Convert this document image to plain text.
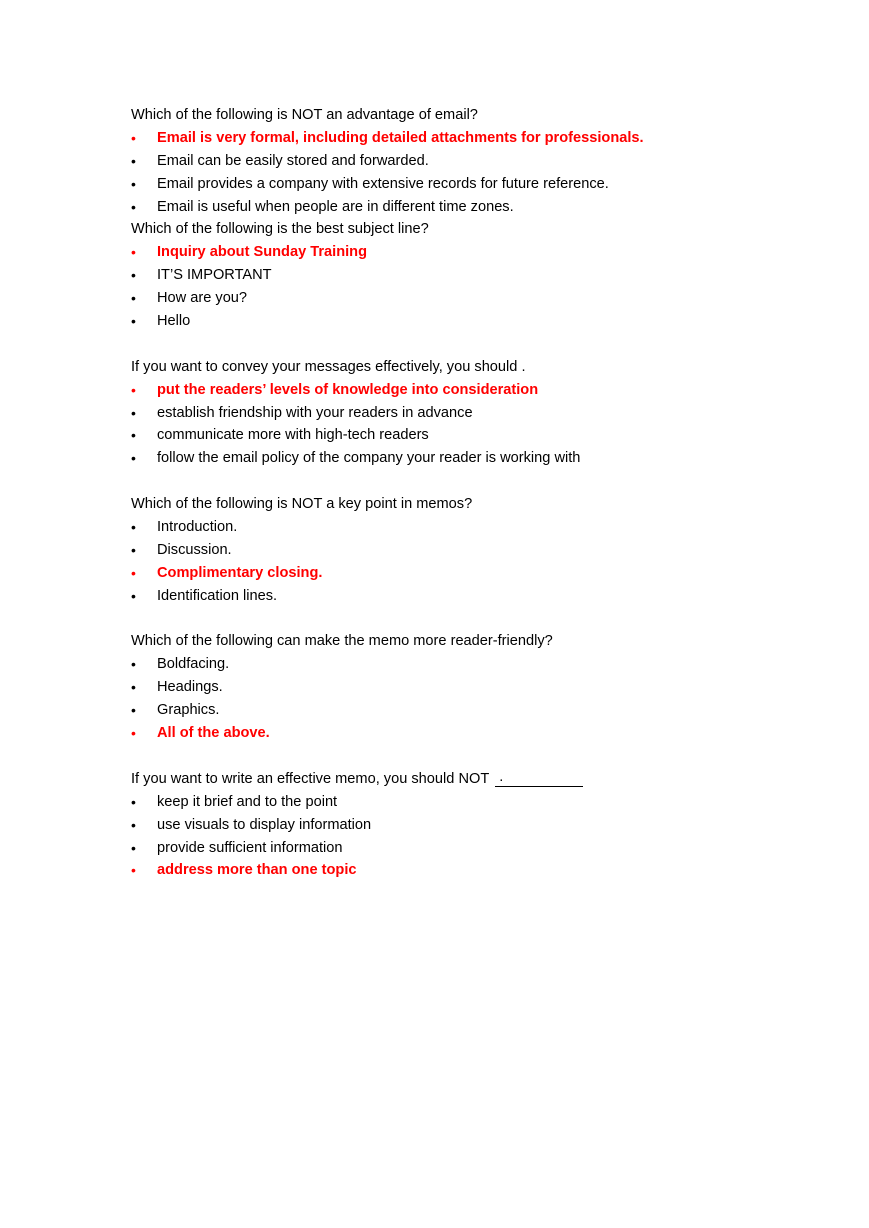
Which of the following is NOT an advantage of email?
•
Email is very formal, including detailed attachments for professionals.
•
Email can be easily stored and forwarded.
•
Email provides a company with extensive records for future reference.
•
Email is useful when people are in different time zones.
Which of the following is the best subject line?
•
Inquiry about Sunday Training
•
IT’S IMPORTANT
•
How are you?
•
Hello
If you want to convey your messages effectively, you should .
•
put the readers’ levels of knowledge into consideration
•
establish friendship with your readers in advance
•
communicate more with high-tech readers
•
follow the email policy of the company your reader is working with
Which of the following is NOT a key point in memos?
•
Introduction.
•
Discussion.
•
Complimentary closing.
•
Identification lines.
Which of the following can make the memo more reader-friendly?
•
Boldfacing.
•
Headings.
•
Graphics.
•
All of the above.
If you want to write an effective memo, you should NOT .
•
keep it brief and to the point
•
use visuals to display information
•
provide sufficient information
•
address more than one topic
